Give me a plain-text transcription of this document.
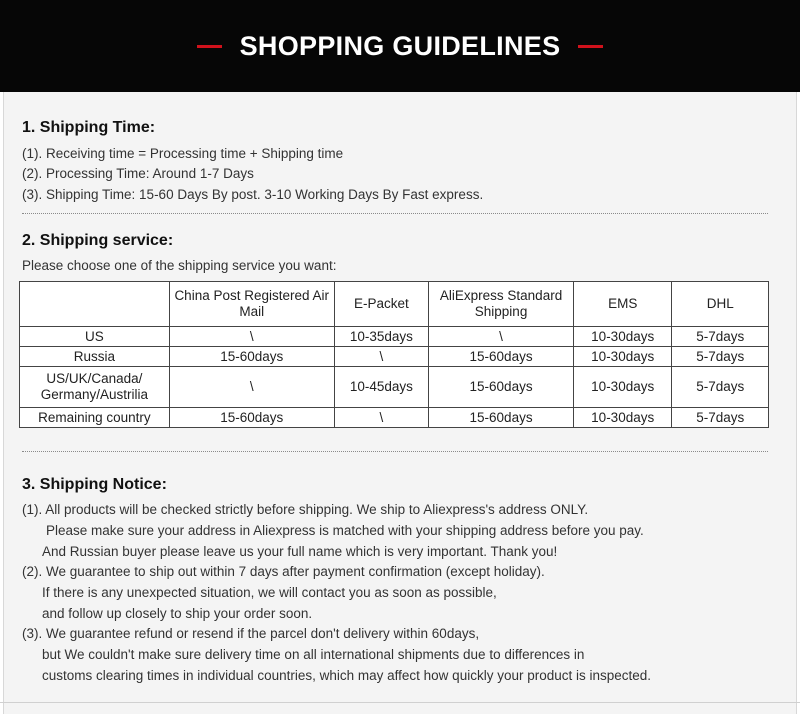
SHOPPING GUIDELINES
1. Shipping Time:
(1). Receiving time = Processing time + Shipping time
(2). Processing Time: Around 1-7 Days
(3). Shipping Time: 15-60 Days By post. 3-10 Working Days By Fast express.
2. Shipping service:
Please choose one of the shipping service you want:
	China Post Registered Air Mail	E-Packet	AliExpress Standard Shipping	EMS	DHL
US	\	10-35days	\	10-30days	5-7days
Russia	15-60days	\	15-60days	10-30days	5-7days
US/UK/Canada/ Germany/Austrilia	\	10-45days	15-60days	10-30days	5-7days
Remaining country	15-60days	\	15-60days	10-30days	5-7days
3. Shipping Notice:
(1). All products will be checked strictly before shipping. We ship to Aliexpress's address ONLY.
Please make sure your address in Aliexpress is matched with your shipping address before you pay.
And Russian buyer please leave us your full name which is very important. Thank you!
(2). We guarantee to ship out within 7 days after payment confirmation (except holiday).
If there is any unexpected situation, we will contact you as soon as possible,
and follow up closely to ship your order soon.
(3). We guarantee refund or resend if the parcel don't delivery within 60days,
but We couldn't make sure delivery time on all international shipments due to differences in
customs clearing times in individual countries, which may affect how quickly your product is inspected.
